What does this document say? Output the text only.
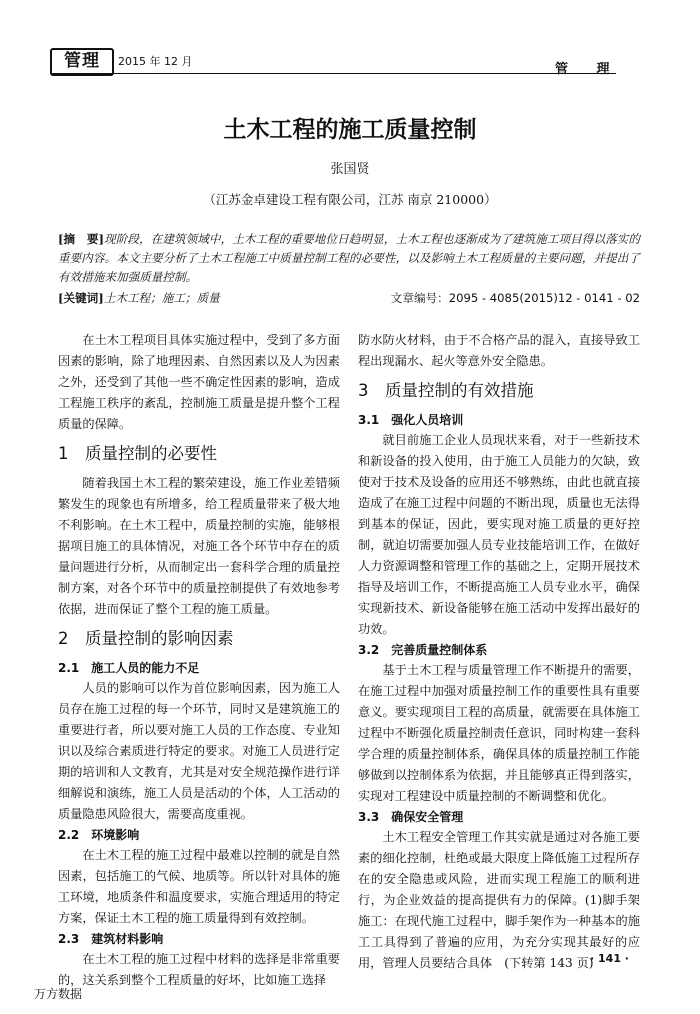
管理	2015 年 12 月
管 理
土木工程的施工质量控制
张国贤
（江苏金卓建设工程有限公司，江苏 南京 210000）
[摘　要]现阶段，在建筑领域中，土木工程的重要地位日趋明显，土木工程也逐渐成为了建筑施工项目得以落实的重要内容。本文主要分析了土木工程施工中质量控制工程的必要性，以及影响土木工程质量的主要问题，并提出了有效措施来加强质量控制。
[关键词]土木工程；施工；质量	文章编号：2095 - 4085(2015)12 - 0141 - 02

在土木工程项目具体实施过程中，受到了多方面因素的影响，除了地理因素、自然因素以及人为因素之外，还受到了其他一些不确定性因素的影响，造成工程施工秩序的紊乱，控制施工质量是提升整个工程质量的保障。

1　质量控制的必要性

随着我国土木工程的繁荣建设，施工作业差错频繁发生的现象也有所增多，给工程质量带来了极大地不利影响。在土木工程中，质量控制的实施，能够根据项目施工的具体情况，对施工各个环节中存在的质量问题进行分析，从而制定出一套科学合理的质量控制方案，对各个环节中的质量控制提供了有效地参考依据，进而保证了整个工程的施工质量。

2　质量控制的影响因素
2.1　施工人员的能力不足

人员的影响可以作为首位影响因素，因为施工人员存在施工过程的每一个环节，同时又是建筑施工的重要进行者，所以要对施工人员的工作态度、专业知识以及综合素质进行特定的要求。对施工人员进行定期的培训和人文教育，尤其是对安全规范操作进行详细解说和演练，施工人员是活动的个体，人工活动的质量隐患风险很大，需要高度重视。

2.2　环境影响

在土木工程的施工过程中最难以控制的就是自然因素，包括施工的气候、地质等。所以针对具体的施工环境，地质条件和温度要求，实施合理适用的特定方案，保证土木工程的施工质量得到有效控制。

2.3　建筑材料影响

在土木工程的施工过程中材料的选择是非常重要的，这关系到整个工程质量的好坏，比如施工选择

防水防火材料，由于不合格产品的混入，直接导致工程出现漏水、起火等意外安全隐患。

3　质量控制的有效措施
3.1　强化人员培训

就目前施工企业人员现状来看，对于一些新技术和新设备的投入使用，由于施工人员能力的欠缺，致使对于技术及设备的应用还不够熟练，由此也就直接造成了在施工过程中问题的不断出现，质量也无法得到基本的保证，因此，要实现对施工质量的更好控制，就迫切需要加强人员专业技能培训工作，在做好人力资源调整和管理工作的基础之上，定期开展技术指导及培训工作，不断提高施工人员专业水平，确保实现新技术、新设备能够在施工活动中发挥出最好的功效。

3.2　完善质量控制体系

基于土木工程与质量管理工作不断提升的需要，在施工过程中加强对质量控制工作的重要性具有重要意义。要实现项目工程的高质量，就需要在具体施工过程中不断强化质量控制责任意识，同时构建一套科学合理的质量控制体系，确保具体的质量控制工作能够做到以控制体系为依据，并且能够真正得到落实，实现对工程建设中质量控制的不断调整和优化。

3.3　确保安全管理

土木工程安全管理工作其实就是通过对各施工要素的细化控制，杜绝或最大限度上降低施工过程所存在的安全隐患或风险，进而实现工程施工的顺利进行，为企业效益的提高提供有力的保障。(1)脚手架施工：在现代施工过程中，脚手架作为一种基本的施工工具得到了普遍的应用，为充分实现其最好的应用，管理人员要结合具体　(下转第 143 页)

· 141 ·
万方数据
